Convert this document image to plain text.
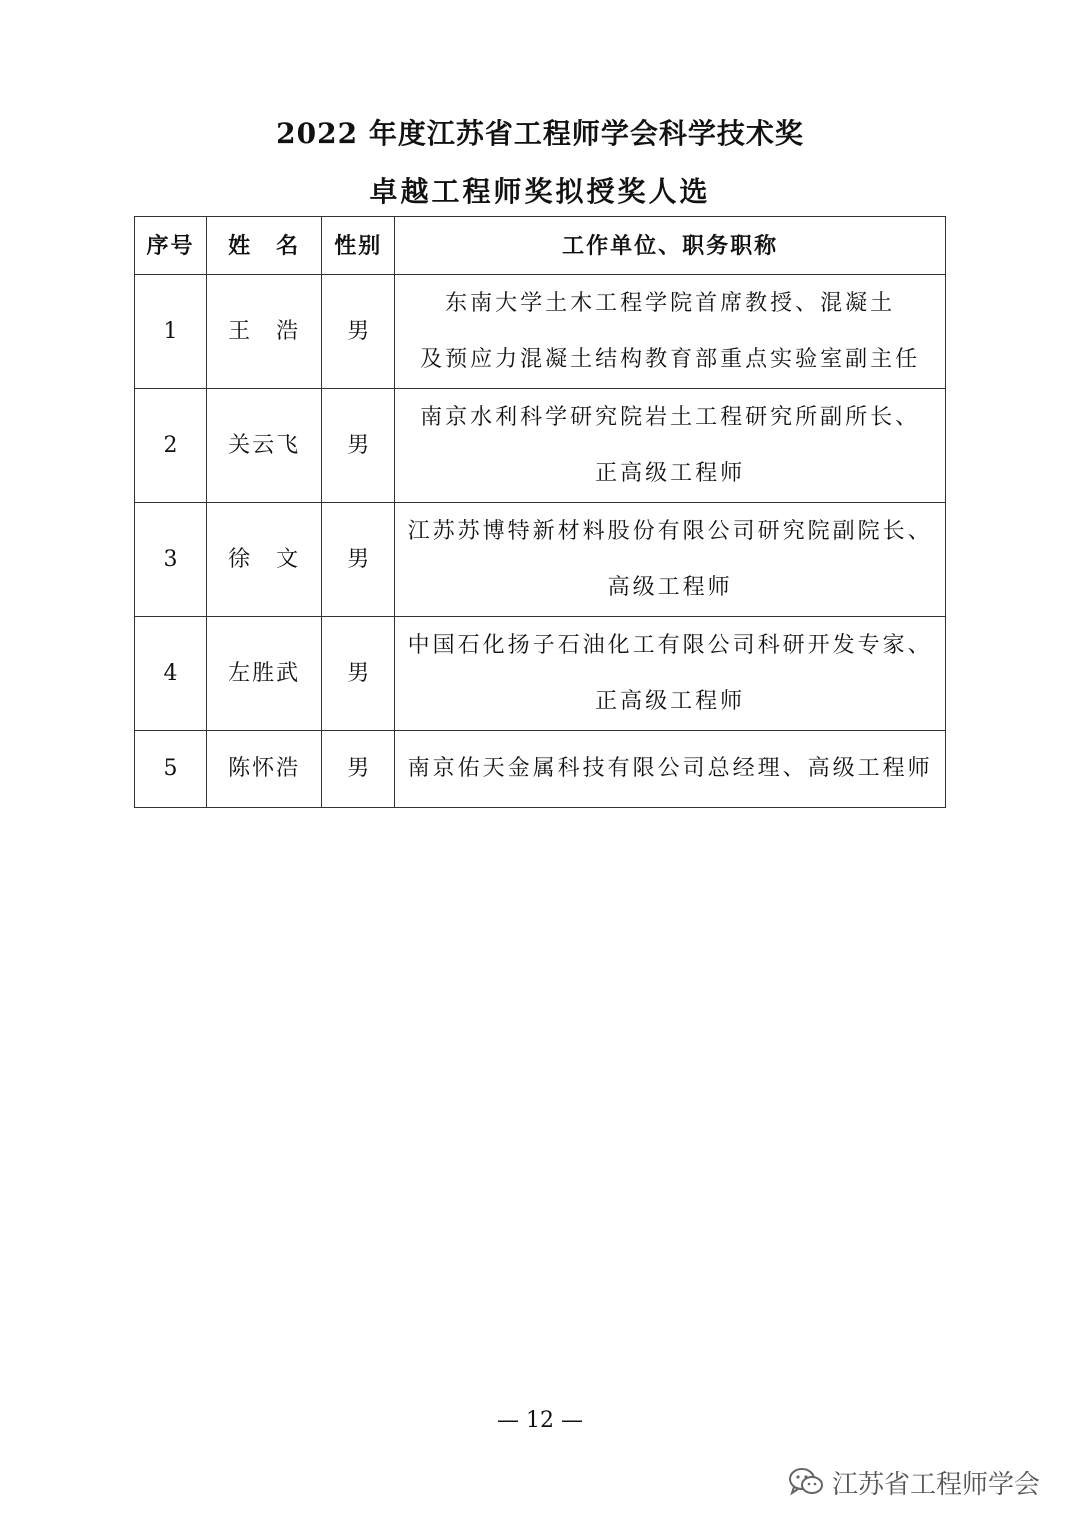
2022 年度江苏省工程师学会科学技术奖
卓越工程师奖拟授奖人选
序号	姓　名	性别	工作单位、职务职称
1	王　浩	男	东南大学土木工程学院首席教授、混凝土
及预应力混凝土结构教育部重点实验室副主任

2	关云飞	男	南京水利科学研究院岩土工程研究所副所长、
正高级工程师

3	徐　文	男	江苏苏博特新材料股份有限公司研究院副院长、
高级工程师

4	左胜武	男	中国石化扬子石油化工有限公司科研开发专家、
正高级工程师

5	陈怀浩	男	南京佑天金属科技有限公司总经理、高级工程师
— 12 —
江苏省工程师学会
